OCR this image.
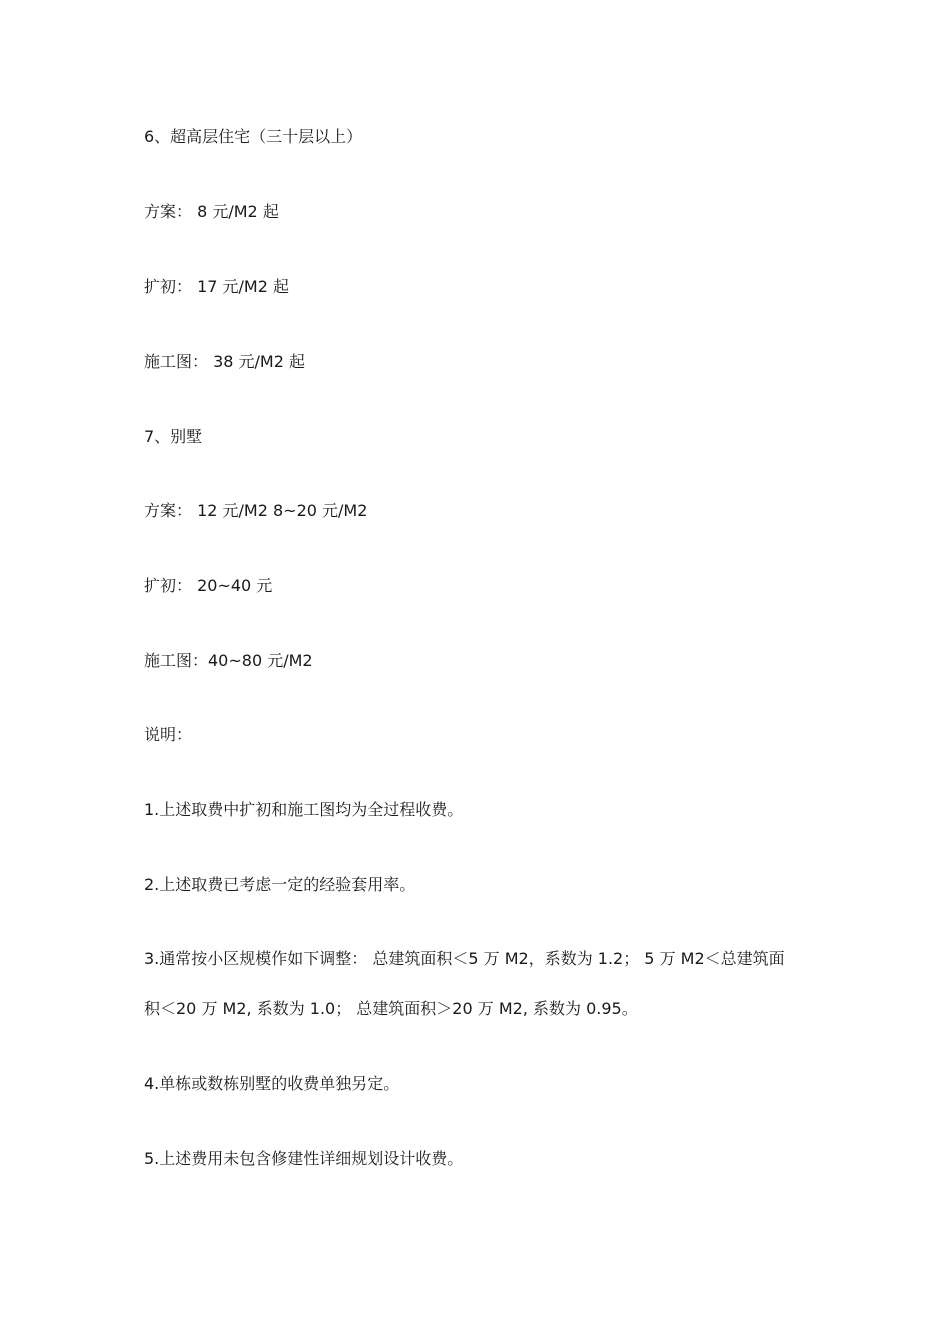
6、超高层住宅（三十层以上）
方案： 8 元/M2 起
扩初： 17 元/M2 起
施工图： 38 元/M2 起
7、别墅
方案： 12 元/M2 8~20 元/M2
扩初： 20~40 元
施工图：40~80 元/M2
说明：
1.上述取费中扩初和施工图均为全过程收费。
2.上述取费已考虑一定的经验套用率。
3.通常按小区规模作如下调整： 总建筑面积＜5 万 M2，系数为 1.2； 5 万 M2＜总建筑面
积＜20 万 M2, 系数为 1.0； 总建筑面积＞20 万 M2, 系数为 0.95。
4.单栋或数栋别墅的收费单独另定。
5.上述费用未包含修建性详细规划设计收费。
